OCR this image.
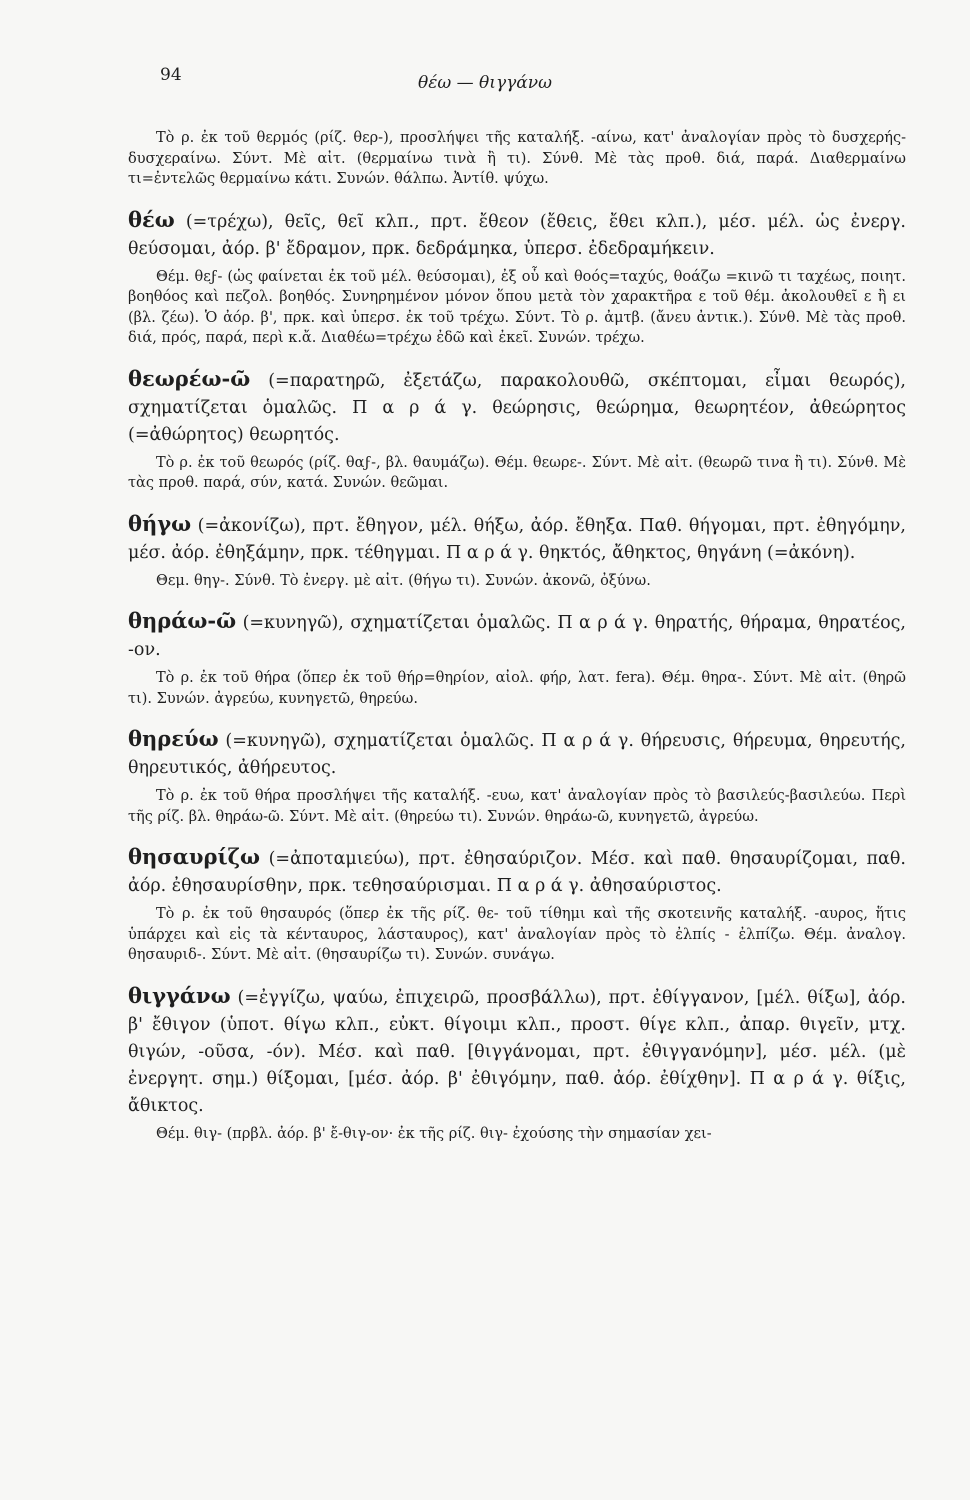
94	θέω — θιγγάνω

Τὸ ρ. ἐκ τοῦ θερμός (ρίζ. θερ-), προσλήψει τῆς καταλήξ. -αίνω, κατ' ἀναλογίαν πρὸς τὸ δυσχερής-δυσχεραίνω. Σύντ. Μὲ αἰτ. (θερμαίνω τινὰ ἢ τι). Σύνθ. Μὲ τὰς προθ. διά, παρά. Διαθερμαίνω τι=ἐντελῶς θερμαίνω κάτι. Συνών. θάλπω. Ἀντίθ. ψύχω.

θέω (=τρέχω), θεῖς, θεῖ κλπ., πρτ. ἔθεον (ἔθεις, ἔθει κλπ.), μέσ. μέλ. ὡς ἐνεργ. θεύσομαι, ἀόρ. β' ἔδραμον, πρκ. δεδράμηκα, ὑπερσ. ἐδεδραμήκειν.

Θέμ. θεϝ- (ὡς φαίνεται ἐκ τοῦ μέλ. θεύσομαι), ἐξ οὗ καὶ θοός=ταχύς, θοάζω =κινῶ τι ταχέως, ποιητ. βοηθόος καὶ πεζολ. βοηθός. Συνηρημένον μόνον ὅπου μετὰ τὸν χαρακτῆρα ε τοῦ θέμ. ἀκολουθεῖ ε ἢ ει (βλ. ζέω). Ὁ ἀόρ. β', πρκ. καὶ ὑπερσ. ἐκ τοῦ τρέχω. Σύντ. Τὸ ρ. ἀμτβ. (ἄνευ ἀντικ.). Σύνθ. Μὲ τὰς προθ. διά, πρός, παρά, περὶ κ.ἄ. Διαθέω=τρέχω ἐδῶ καὶ ἐκεῖ. Συνών. τρέχω.

θεωρέω-ῶ (=παρατηρῶ, ἐξετάζω, παρακολουθῶ, σκέπτομαι, εἶμαι θεωρός), σχηματίζεται ὁμαλῶς. Π α ρ ά γ. θεώρησις, θεώρημα, θεωρητέον, ἀθεώρητος (=ἀθώρητος) θεωρητός.

Τὸ ρ. ἐκ τοῦ θεωρός (ρίζ. θαϝ-, βλ. θαυμάζω). Θέμ. θεωρε-. Σύντ. Μὲ αἰτ. (θεωρῶ τινα ἢ τι). Σύνθ. Μὲ τὰς προθ. παρά, σύν, κατά. Συνών. θεῶμαι.

θήγω (=ἀκονίζω), πρτ. ἔθηγον, μέλ. θήξω, ἀόρ. ἔθηξα. Παθ. θήγομαι, πρτ. ἐθηγόμην, μέσ. ἀόρ. ἐθηξάμην, πρκ. τέθηγμαι. Π α ρ ά γ. θηκτός, ἄθηκτος, θηγάνη (=ἀκόνη).

Θεμ. θηγ-. Σύνθ. Τὸ ἐνεργ. μὲ αἰτ. (θήγω τι). Συνών. ἀκονῶ, ὀξύνω.

θηράω-ῶ (=κυνηγῶ), σχηματίζεται ὁμαλῶς. Π α ρ ά γ. θηρατής, θήραμα, θηρατέος, -ον.

Τὸ ρ. ἐκ τοῦ θήρα (ὅπερ ἐκ τοῦ θήρ=θηρίον, αἰολ. φήρ, λατ. fera). Θέμ. θηρα-. Σύντ. Μὲ αἰτ. (θηρῶ τι). Συνών. ἀγρεύω, κυνηγετῶ, θηρεύω.

θηρεύω (=κυνηγῶ), σχηματίζεται ὁμαλῶς. Π α ρ ά γ. θήρευσις, θήρευμα, θηρευτής, θηρευτικός, ἀθήρευτος.

Τὸ ρ. ἐκ τοῦ θήρα προσλήψει τῆς καταλήξ. -ευω, κατ' ἀναλογίαν πρὸς τὸ βασιλεύς-βασιλεύω. Περὶ τῆς ρίζ. βλ. θηράω-ῶ. Σύντ. Μὲ αἰτ. (θηρεύω τι). Συνών. θηράω-ῶ, κυνηγετῶ, ἀγρεύω.

θησαυρίζω (=ἀποταμιεύω), πρτ. ἐθησαύριζον. Μέσ. καὶ παθ. θησαυρίζομαι, παθ. ἀόρ. ἐθησαυρίσθην, πρκ. τεθησαύρισμαι. Π α ρ ά γ. ἀθησαύριστος.

Τὸ ρ. ἐκ τοῦ θησαυρός (ὅπερ ἐκ τῆς ρίζ. θε- τοῦ τίθημι καὶ τῆς σκοτεινῆς καταλήξ. -αυρος, ἥτις ὑπάρχει καὶ εἰς τὰ κένταυρος, λάσταυρος), κατ' ἀναλογίαν πρὸς τὸ ἐλπίς - ἐλπίζω. Θέμ. ἀναλογ. θησαυριδ-. Σύντ. Μὲ αἰτ. (θησαυρίζω τι). Συνών. συνάγω.

θιγγάνω (=ἐγγίζω, ψαύω, ἐπιχειρῶ, προσβάλλω), πρτ. ἐθίγγανον, [μέλ. θίξω], ἀόρ. β' ἔθιγον (ὑποτ. θίγω κλπ., εὐκτ. θίγοιμι κλπ., προστ. θίγε κλπ., ἀπαρ. θιγεῖν, μτχ. θιγών, -οῦσα, -όν). Μέσ. καὶ παθ. [θιγγάνομαι, πρτ. ἐθιγγανόμην], μέσ. μέλ. (μὲ ἐνεργητ. σημ.) θίξομαι, [μέσ. ἀόρ. β' ἐθιγόμην, παθ. ἀόρ. ἐθίχθην]. Π α ρ ά γ. θίξις, ἄθικτος.

Θέμ. θιγ- (πρβλ. ἀόρ. β' ἔ-θιγ-ον· ἐκ τῆς ρίζ. θιγ- ἐχούσης τὴν σημασίαν χει-
